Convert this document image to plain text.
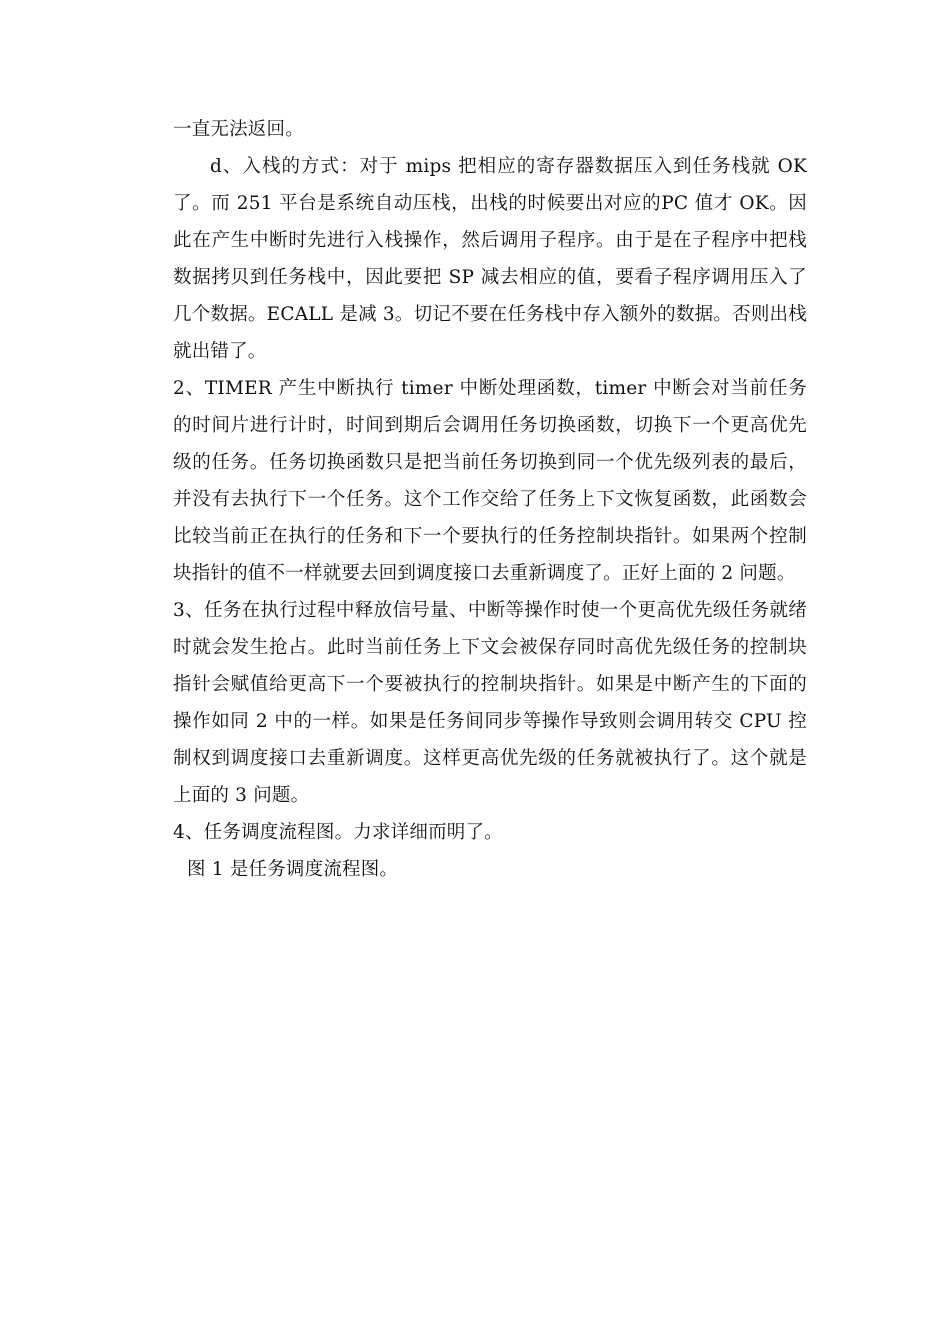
一直无法返回。

d、入栈的方式：对于 mips 把相应的寄存器数据压入到任务栈就 OK 了。而 251 平台是系统自动压栈，出栈的时候要出对应的PC 值才 OK。因此在产生中断时先进行入栈操作，然后调用子程序。由于是在子程序中把栈数据拷贝到任务栈中，因此要把 SP 减去相应的值，要看子程序调用压入了几个数据。ECALL 是减 3。切记不要在任务栈中存入额外的数据。否则出栈就出错了。

2、TIMER 产生中断执行 timer 中断处理函数，timer 中断会对当前任务的时间片进行计时，时间到期后会调用任务切换函数，切换下一个更高优先级的任务。任务切换函数只是把当前任务切换到同一个优先级列表的最后，并没有去执行下一个任务。这个工作交给了任务上下文恢复函数，此函数会比较当前正在执行的任务和下一个要执行的任务控制块指针。如果两个控制块指针的值不一样就要去回到调度接口去重新调度了。正好上面的 2 问题。

3、任务在执行过程中释放信号量、中断等操作时使一个更高优先级任务就绪时就会发生抢占。此时当前任务上下文会被保存同时高优先级任务的控制块指针会赋值给更高下一个要被执行的控制块指针。如果是中断产生的下面的操作如同 2 中的一样。如果是任务间同步等操作导致则会调用转交 CPU 控制权到调度接口去重新调度。这样更高优先级的任务就被执行了。这个就是上面的 3 问题。

4、任务调度流程图。力求详细而明了。

图 1 是任务调度流程图。
